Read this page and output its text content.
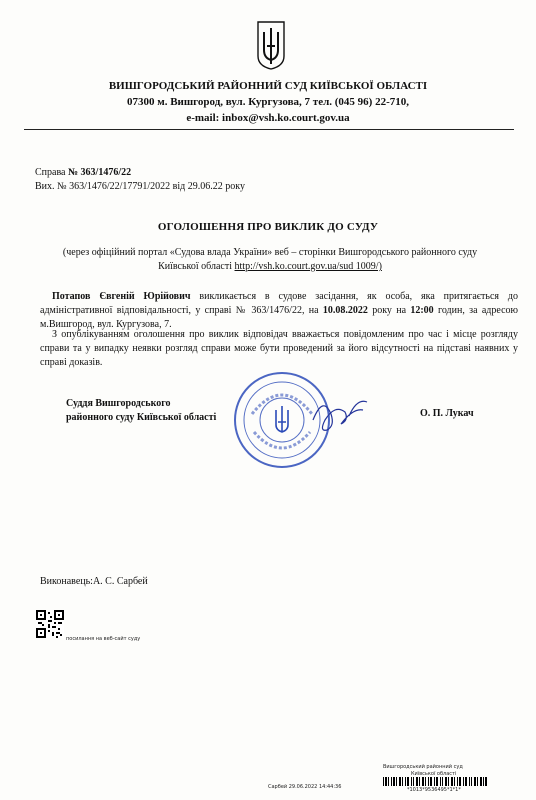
ВИШГОРОДСЬКИЙ РАЙОННИЙ СУД КИЇВСЬКОЇ ОБЛАСТІ
07300 м. Вишгород, вул. Кургузова, 7 тел. (045 96) 22-710,
e-mail: inbox@vsh.ko.court.gov.ua
Справа № 363/1476/22
Вих. № 363/1476/22/17791/2022 від 29.06.22 року
ОГОЛОШЕННЯ ПРО ВИКЛИК ДО СУДУ
(через офіційний портал «Судова влада України» веб – сторінки Вишгородського районного суду Київської області http://vsh.ko.court.gov.ua/sud 1009/)
Потапов Євгеній Юрійович викликається в судове засідання, як особа, яка притягається до адміністративної відповідальності, у справі № 363/1476/22, на 10.08.2022 року на 12:00 годин, за адресою м.Вишгород, вул. Кургузова, 7.
З опублікуванням оголошення про виклик відповідач вважається повідомленим про час і місце розгляду справи та у випадку неявки розгляд справи може бути проведений за його відсутності на підставі наявних у справі доказів.
Суддя Вишгородського
районного суду Київської області	О. П. Лукач
Виконавець:А. С. Сарбей
посилання на веб-сайт суду
Вишгородський районний суд
Київської області
Сарбей 29.06.2022 14:44:36	*1013*9536495*1*1*
